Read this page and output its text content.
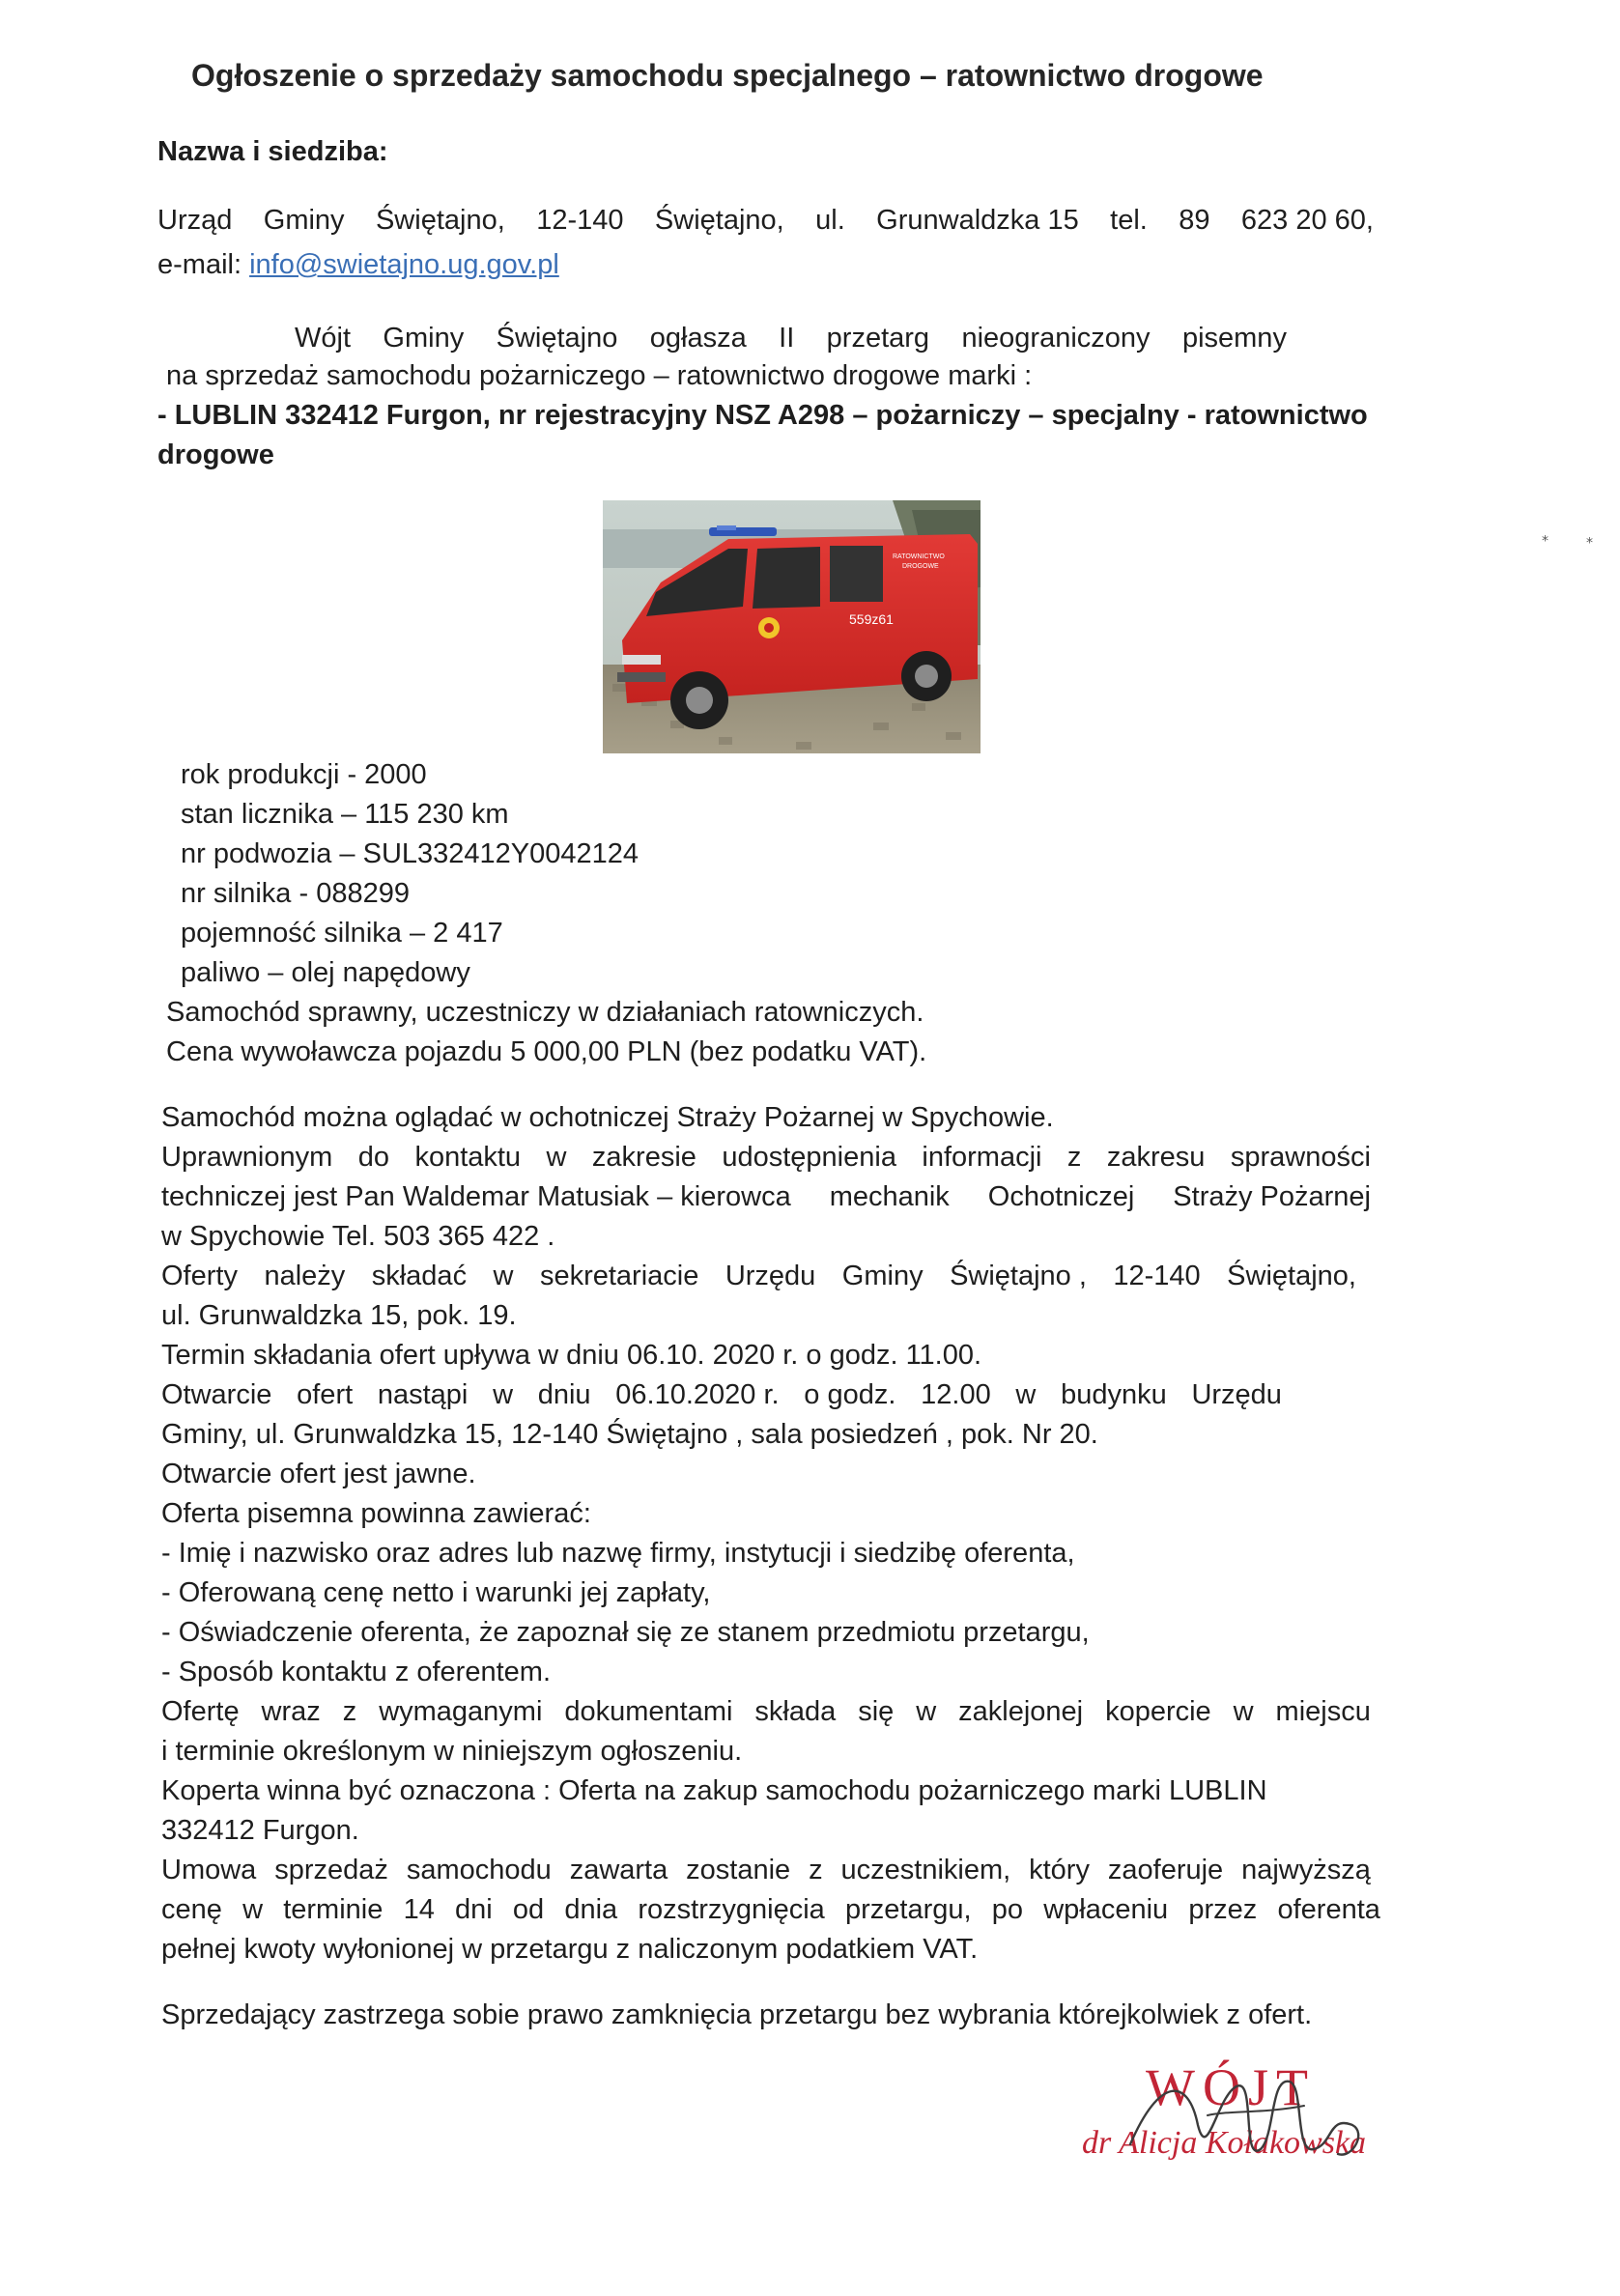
Ogłoszenie o sprzedaży samochodu specjalnego – ratownictwo drogowe
Nazwa i siedziba:
Urząd Gminy Świętajno, 12-140 Świętajno, ul. Grunwaldzka 15 tel. 89 623 20 60,
e-mail: info@swietajno.ug.gov.pl
Wójt Gminy Świętajno ogłasza II przetarg nieograniczony pisemny
na sprzedaż samochodu pożarniczego – ratownictwo drogowe marki :
- LUBLIN 332412 Furgon, nr rejestracyjny NSZ A298 – pożarniczy – specjalny - ratownictwo
drogowe
RATOWNICTWO
DROGOWE
559z61
rok produkcji - 2000
stan licznika – 115 230 km
nr podwozia – SUL332412Y0042124
nr silnika - 088299
pojemność silnika – 2 417
paliwo – olej napędowy
Samochód sprawny, uczestniczy w działaniach ratowniczych.
Cena wywoławcza pojazdu 5 000,00 PLN (bez podatku VAT).
Samochód można oglądać w ochotniczej Straży Pożarnej w Spychowie.
Uprawnionym do kontaktu w zakresie udostępnienia informacji z zakresu sprawności
techniczej jest Pan Waldemar Matusiak – kierowca mechanik Ochotniczej Straży Pożarnej
w Spychowie Tel. 503 365 422 .
Oferty należy składać w sekretariacie Urzędu Gminy Świętajno , 12-140 Świętajno,
ul. Grunwaldzka 15, pok. 19.
Termin składania ofert upływa w dniu 06.10. 2020 r. o godz. 11.00.
Otwarcie ofert nastąpi w dniu 06.10.2020 r. o godz. 12.00 w budynku Urzędu
Gminy, ul. Grunwaldzka 15, 12-140 Świętajno , sala posiedzeń , pok. Nr 20.
Otwarcie ofert jest jawne.
Oferta pisemna powinna zawierać:
- Imię i nazwisko oraz adres lub nazwę firmy, instytucji i siedzibę oferenta,
- Oferowaną cenę netto i warunki jej zapłaty,
- Oświadczenie oferenta, że zapoznał się ze stanem przedmiotu przetargu,
- Sposób kontaktu z oferentem.
Ofertę wraz z wymaganymi dokumentami składa się w zaklejonej kopercie w miejscu
i terminie określonym w niniejszym ogłoszeniu.
Koperta winna być oznaczona : Oferta na zakup samochodu pożarniczego marki LUBLIN
332412 Furgon.
Umowa sprzedaż samochodu zawarta zostanie z uczestnikiem, który zaoferuje najwyższą
cenę w terminie 14 dni od dnia rozstrzygnięcia przetargu, po wpłaceniu przez oferenta
pełnej kwoty wyłonionej w przetargu z naliczonym podatkiem VAT.
Sprzedający zastrzega sobie prawo zamknięcia przetargu bez wybrania którejkolwiek z ofert.
WÓJT
dr Alicja Kołakowska
⁎	⁎
